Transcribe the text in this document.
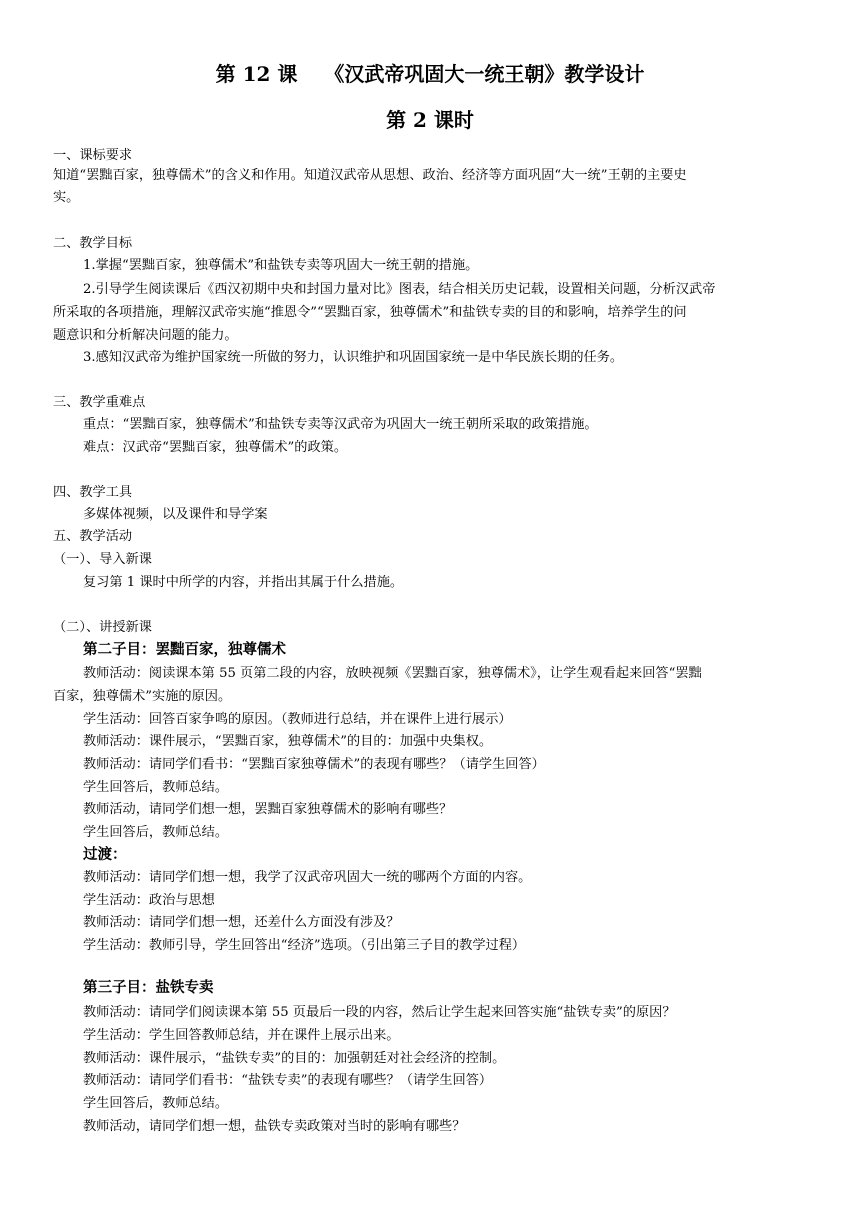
第 12 课　 《汉武帝巩固大一统王朝》教学设计
第 2 课时
一、课标要求
知道“罢黜百家，独尊儒术”的含义和作用。知道汉武帝从思想、政治、经济等方面巩固“大一统”王朝的主要史
实。
二、教学目标
1.掌握“罢黜百家，独尊儒术”和盐铁专卖等巩固大一统王朝的措施。
2.引导学生阅读课后《西汉初期中央和封国力量对比》图表，结合相关历史记载，设置相关问题，分析汉武帝
所采取的各项措施，理解汉武帝实施“推恩令”“罢黜百家，独尊儒术”和盐铁专卖的目的和影响，培养学生的问
题意识和分析解决问题的能力。
3.感知汉武帝为维护国家统一所做的努力，认识维护和巩固国家统一是中华民族长期的任务。
三、教学重难点
重点：“罢黜百家，独尊儒术”和盐铁专卖等汉武帝为巩固大一统王朝所采取的政策措施。
难点：汉武帝“罢黜百家，独尊儒术”的政策。
四、教学工具
多媒体视频，以及课件和导学案
五、教学活动
（一）、导入新课
复习第 1 课时中所学的内容，并指出其属于什么措施。
（二）、讲授新课
第二子目：罢黜百家，独尊儒术
教师活动：阅读课本第 55 页第二段的内容，放映视频《罢黜百家，独尊儒术》，让学生观看起来回答“罢黜
百家，独尊儒术”实施的原因。
学生活动：回答百家争鸣的原因。（教师进行总结，并在课件上进行展示）
教师活动：课件展示，“罢黜百家，独尊儒术”的目的：加强中央集权。
教师活动：请同学们看书：“罢黜百家独尊儒术”的表现有哪些？（请学生回答）
学生回答后，教师总结。
教师活动，请同学们想一想，罢黜百家独尊儒术的影响有哪些？
学生回答后，教师总结。
过渡：
教师活动：请同学们想一想，我学了汉武帝巩固大一统的哪两个方面的内容。
学生活动：政治与思想
教师活动：请同学们想一想，还差什么方面没有涉及？
学生活动：教师引导，学生回答出“经济”选项。（引出第三子目的教学过程）
第三子目：盐铁专卖
教师活动：请同学们阅读课本第 55 页最后一段的内容，然后让学生起来回答实施“盐铁专卖”的原因？
学生活动：学生回答教师总结，并在课件上展示出来。
教师活动：课件展示，“盐铁专卖”的目的：加强朝廷对社会经济的控制。
教师活动：请同学们看书：“盐铁专卖”的表现有哪些？（请学生回答）
学生回答后，教师总结。
教师活动，请同学们想一想，盐铁专卖政策对当时的影响有哪些？
